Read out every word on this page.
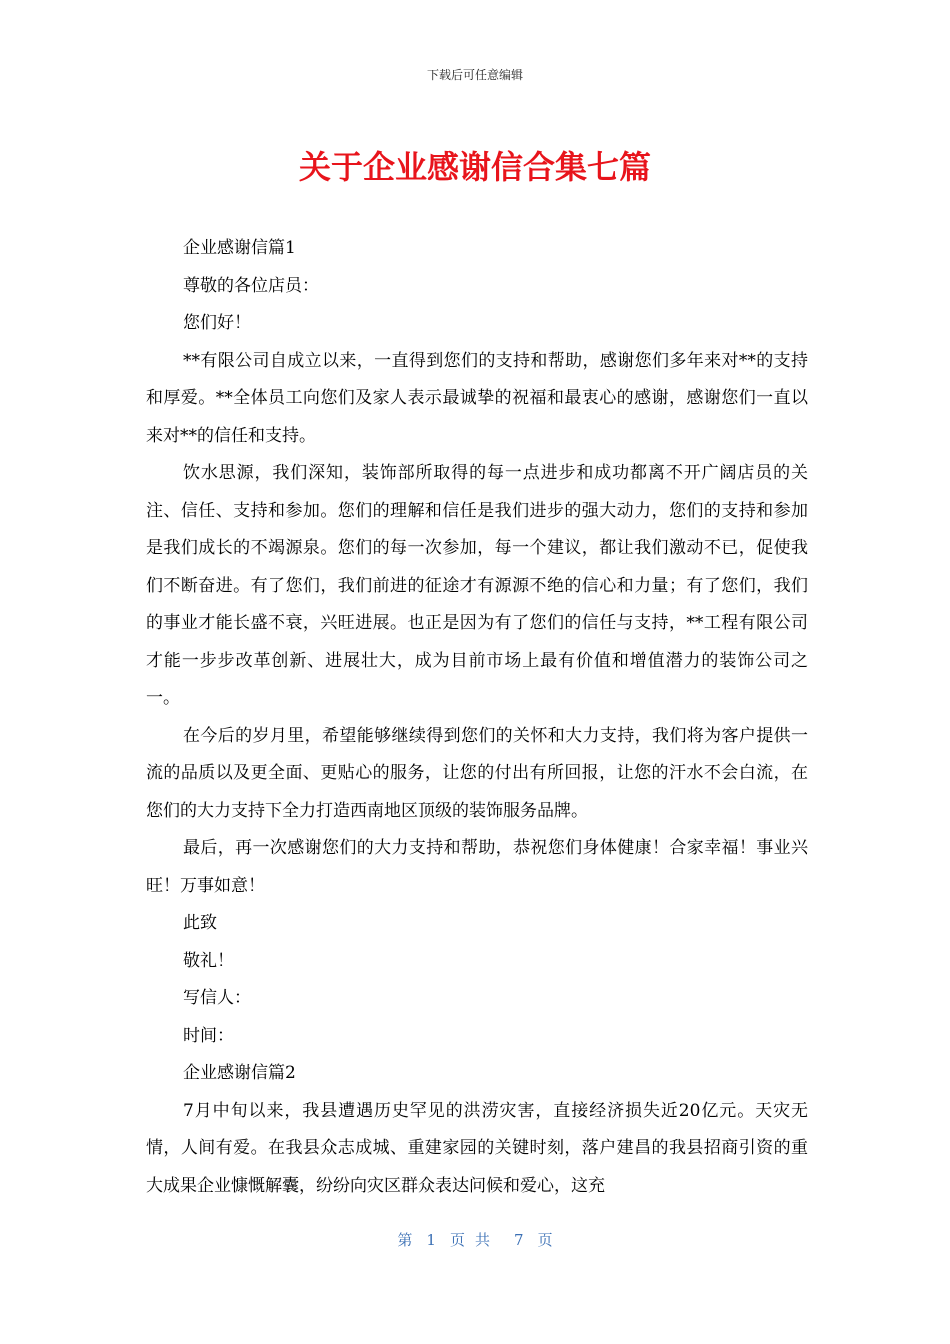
下载后可任意编辑
关于企业感谢信合集七篇

企业感谢信篇1

尊敬的各位店员：

您们好！

**有限公司自成立以来，一直得到您们的支持和帮助，感谢您们多年来对**的支持和厚爱。**全体员工向您们及家人表示最诚挚的祝福和最衷心的感谢，感谢您们一直以来对**的信任和支持。

饮水思源，我们深知，装饰部所取得的每一点进步和成功都离不开广阔店员的关注、信任、支持和参加。您们的理解和信任是我们进步的强大动力，您们的支持和参加是我们成长的不竭源泉。您们的每一次参加，每一个建议，都让我们激动不已，促使我们不断奋进。有了您们，我们前进的征途才有源源不绝的信心和力量；有了您们，我们的事业才能长盛不衰，兴旺进展。也正是因为有了您们的信任与支持，**工程有限公司才能一步步改革创新、进展壮大，成为目前市场上最有价值和增值潜力的装饰公司之一。

在今后的岁月里，希望能够继续得到您们的关怀和大力支持，我们将为客户提供一流的品质以及更全面、更贴心的服务，让您的付出有所回报，让您的汗水不会白流，在您们的大力支持下全力打造西南地区顶级的装饰服务品牌。

最后，再一次感谢您们的大力支持和帮助，恭祝您们身体健康！合家幸福！事业兴旺！万事如意！

此致

敬礼！

写信人：

时间：

企业感谢信篇2

7月中旬以来，我县遭遇历史罕见的洪涝灾害，直接经济损失近20亿元。天灾无情，人间有爱。在我县众志成城、重建家园的关键时刻，落户建昌的我县招商引资的重大成果企业慷慨解囊，纷纷向灾区群众表达问候和爱心，这充

第 1 页共 7 页
